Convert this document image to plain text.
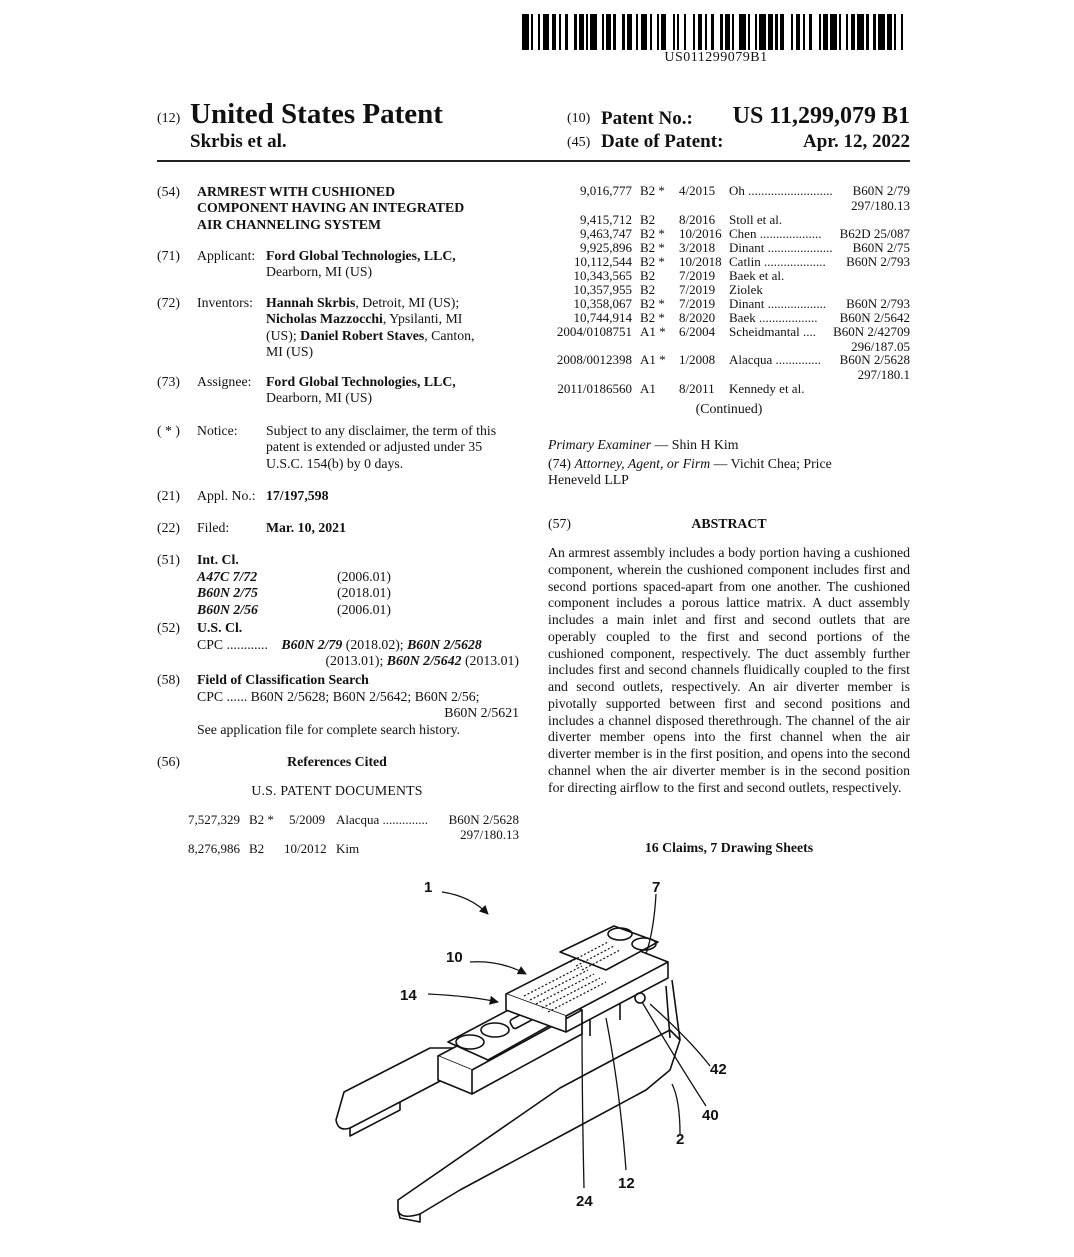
US011299079B1
(12) United States Patent
Skrbis et al.
(10) Patent No.: US 11,299,079 B1
(45) Date of Patent:	Apr. 12, 2022
(54) ARMREST WITH CUSHIONED
COMPONENT HAVING AN INTEGRATED
AIR CHANNELING SYSTEM
(71) Applicant: Ford Global Technologies, LLC,
Dearborn, MI (US)
(72) Inventors: Hannah Skrbis, Detroit, MI (US);
Nicholas Mazzocchi, Ypsilanti, MI
(US); Daniel Robert Staves, Canton,
MI (US)
(73) Assignee: Ford Global Technologies, LLC,
Dearborn, MI (US)
( * ) Notice: Subject to any disclaimer, the term of this
patent is extended or adjusted under 35
U.S.C. 154(b) by 0 days.
(21) Appl. No.: 17/197,598
(22) Filed:	Mar. 10, 2021
(51) Int. Cl.
A47C 7/72	(2006.01)
B60N 2/75	(2018.01)
B60N 2/56	(2006.01)
(52) U.S. Cl.
CPC ............ B60N 2/79 (2018.02); B60N 2/5628
(2013.01); B60N 2/5642 (2013.01)
(58) Field of Classification Search
CPC ...... B60N 2/5628; B60N 2/5642; B60N 2/56;
B60N 2/5621
See application file for complete search history.
(56)	References Cited
U.S. PATENT DOCUMENTS
7,527,329 B2 * 5/2009 Alacqua .............. B60N 2/5628
297/180.13
8,276,986 B2 10/2012 Kim
9,016,777 B2 * 4/2015 Oh .......................... B60N 2/79
297/180.13
9,415,712 B2 8/2016 Stoll et al.
9,463,747 B2 * 10/2016 Chen ................... B62D 25/087
9,925,896 B2 * 3/2018 Dinant .................... B60N 2/75
10,112,544 B2 * 10/2018 Catlin ................... B60N 2/793
10,343,565 B2 7/2019 Baek et al.
10,357,955 B2 7/2019 Ziolek
10,358,067 B2 * 7/2019 Dinant .................. B60N 2/793
10,744,914 B2 * 8/2020 Baek .................. B60N 2/5642
2004/0108751 A1 * 6/2004 Scheidmantal .... B60N 2/42709
296/187.05
2008/0012398 A1 * 1/2008 Alacqua .............. B60N 2/5628
297/180.1
2011/0186560 A1 8/2011 Kennedy et al.
(Continued)
Primary Examiner — Shin H Kim
(74) Attorney, Agent, or Firm — Vichit Chea; Price
Heneveld LLP
(57)	ABSTRACT
An armrest assembly includes a body portion having a cushioned component, wherein the cushioned component includes first and second portions spaced-apart from one another. The cushioned component includes a porous lattice matrix. A duct assembly includes a main inlet and first and second outlets that are operably coupled to the first and second portions of the cushioned component, respectively. The duct assembly further includes first and second channels fluidically coupled to the first and second outlets, respectively. An air diverter member is pivotally supported between first and second positions and includes a channel disposed therethrough. The channel of the air diverter member opens into the first channel when the air diverter member is in the first position, and opens into the second channel when the air diverter member is in the second position for directing airflow to the first and second outlets, respectively.
16 Claims, 7 Drawing Sheets
1	7
10
14
42
40
2
12
24
